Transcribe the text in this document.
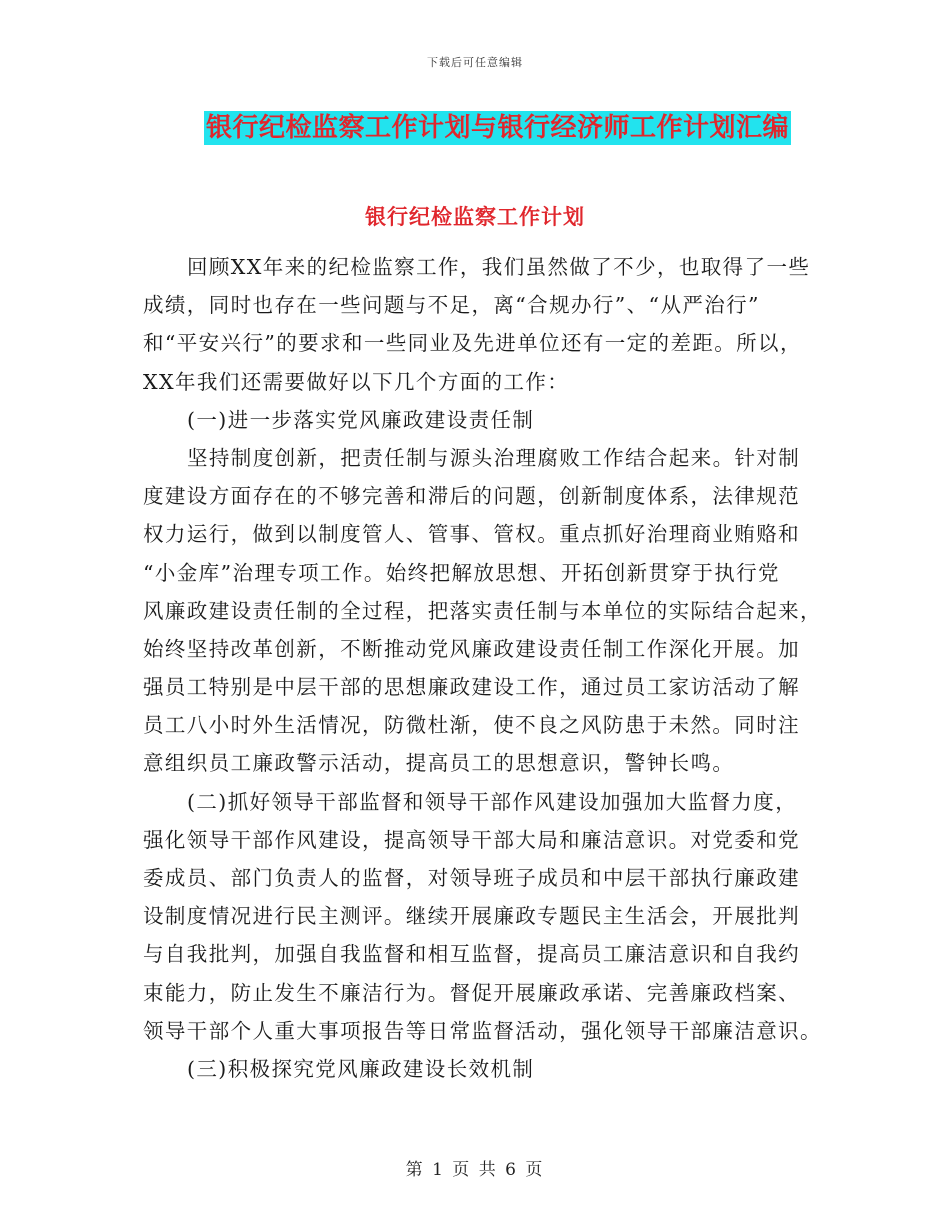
下载后可任意编辑
银行纪检监察工作计划与银行经济师工作计划汇编
银行纪检监察工作计划
回顾XX年来的纪检监察工作，我们虽然做了不少，也取得了一些
成绩，同时也存在一些问题与不足，离“合规办行”、“从严治行”
和“平安兴行”的要求和一些同业及先进单位还有一定的差距。所以，
XX年我们还需要做好以下几个方面的工作：
(一)进一步落实党风廉政建设责任制
坚持制度创新，把责任制与源头治理腐败工作结合起来。针对制
度建设方面存在的不够完善和滞后的问题，创新制度体系，法律规范
权力运行，做到以制度管人、管事、管权。重点抓好治理商业贿赂和
“小金库”治理专项工作。始终把解放思想、开拓创新贯穿于执行党
风廉政建设责任制的全过程，把落实责任制与本单位的实际结合起来，
始终坚持改革创新，不断推动党风廉政建设责任制工作深化开展。加
强员工特别是中层干部的思想廉政建设工作，通过员工家访活动了解
员工八小时外生活情况，防微杜渐，使不良之风防患于未然。同时注
意组织员工廉政警示活动，提高员工的思想意识，警钟长鸣。
(二)抓好领导干部监督和领导干部作风建设加强加大监督力度，
强化领导干部作风建设，提高领导干部大局和廉洁意识。对党委和党
委成员、部门负责人的监督，对领导班子成员和中层干部执行廉政建
设制度情况进行民主测评。继续开展廉政专题民主生活会，开展批判
与自我批判，加强自我监督和相互监督，提高员工廉洁意识和自我约
束能力，防止发生不廉洁行为。督促开展廉政承诺、完善廉政档案、
领导干部个人重大事项报告等日常监督活动，强化领导干部廉洁意识。
(三)积极探究党风廉政建设长效机制
第 1 页 共 6 页
